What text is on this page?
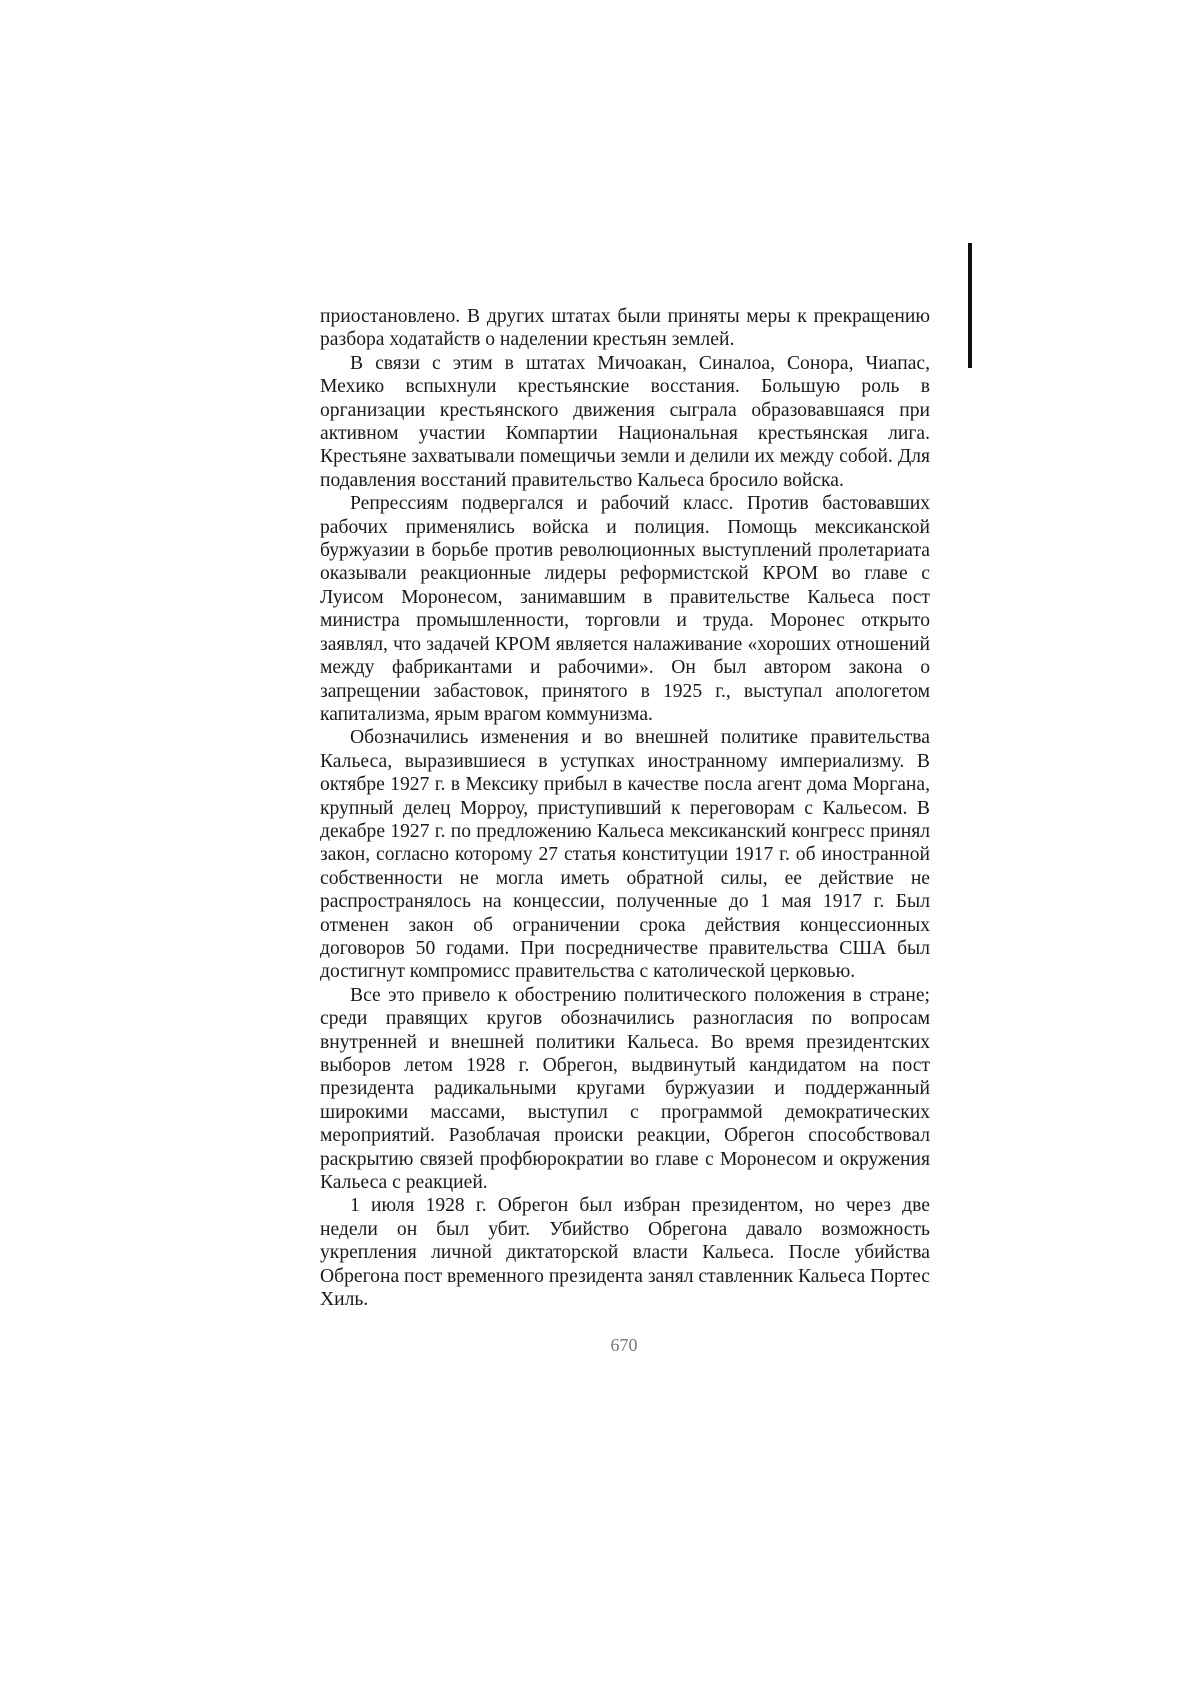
приостановлено. В других штатах были приняты меры к прекращению разбора ходатайств о наделении крестьян землей.

В связи с этим в штатах Мичоакан, Синалоа, Сонора, Чиапас, Мехико вспыхнули крестьянские восстания. Большую роль в организации крестьянского движения сыграла образовавшаяся при активном участии Компартии Национальная крестьянская лига. Крестьяне захватывали помещичьи земли и делили их между собой. Для подавления восстаний правительство Кальеса бросило войска.

Репрессиям подвергался и рабочий класс. Против бастовавших рабочих применялись войска и полиция. Помощь мексиканской буржуазии в борьбе против революционных выступлений пролетариата оказывали реакционные лидеры реформистской КРОМ во главе с Луисом Моронесом, занимавшим в правительстве Кальеса пост министра промышленности, торговли и труда. Моронес открыто заявлял, что задачей КРОМ является налаживание «хороших отношений между фабрикантами и рабочими». Он был автором закона о запрещении забастовок, принятого в 1925 г., выступал апологетом капитализма, ярым врагом коммунизма.

Обозначились изменения и во внешней политике правительства Кальеса, выразившиеся в уступках иностранному империализму. В октябре 1927 г. в Мексику прибыл в качестве посла агент дома Моргана, крупный делец Морроу, приступивший к переговорам с Кальесом. В декабре 1927 г. по предложению Кальеса мексиканский конгресс принял закон, согласно которому 27 статья конституции 1917 г. об иностранной собственности не могла иметь обратной силы, ее действие не распространялось на концессии, полученные до 1 мая 1917 г. Был отменен закон об ограничении срока действия концессионных договоров 50 годами. При посредничестве правительства США был достигнут компромисс правительства с католической церковью.

Все это привело к обострению политического положения в стране; среди правящих кругов обозначились разногласия по вопросам внутренней и внешней политики Кальеса. Во время президентских выборов летом 1928 г. Обрегон, выдвинутый кандидатом на пост президента радикальными кругами буржуазии и поддержанный широкими массами, выступил с программой демократических мероприятий. Разоблачая происки реакции, Обрегон способствовал раскрытию связей профбюрократии во главе с Моронесом и окружения Кальеса с реакцией.

1 июля 1928 г. Обрегон был избран президентом, но через две недели он был убит. Убийство Обрегона давало возможность укрепления личной диктаторской власти Кальеса. После убийства Обрегона пост временного президента занял ставленник Кальеса Портес Хиль.

670
